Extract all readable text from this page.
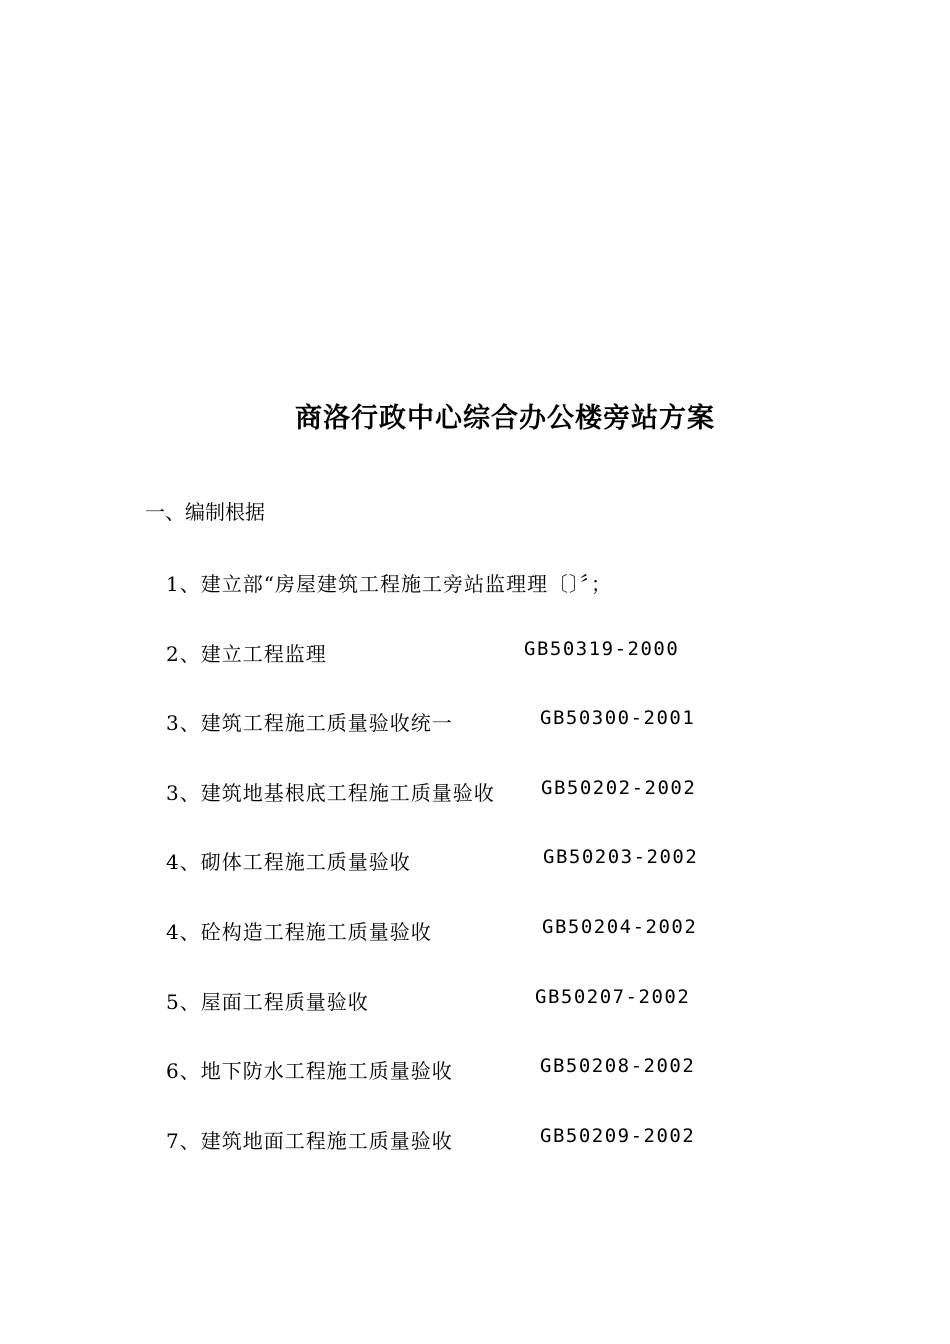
商洛行政中心综合办公楼旁站方案
一、编制根据
1、建立部“房屋建筑工程施工旁站监理理〔〕〞；
2、建立工程监理	GB50319-2000
3、建筑工程施工质量验收统一	GB50300-2001
3、建筑地基根底工程施工质量验收 GB50202-2002
4、砌体工程施工质量验收	GB50203-2002
4、砼构造工程施工质量验收	GB50204-2002
5、屋面工程质量验收	GB50207-2002
6、地下防水工程施工质量验收	GB50208-2002
7、建筑地面工程施工质量验收	GB50209-2002
